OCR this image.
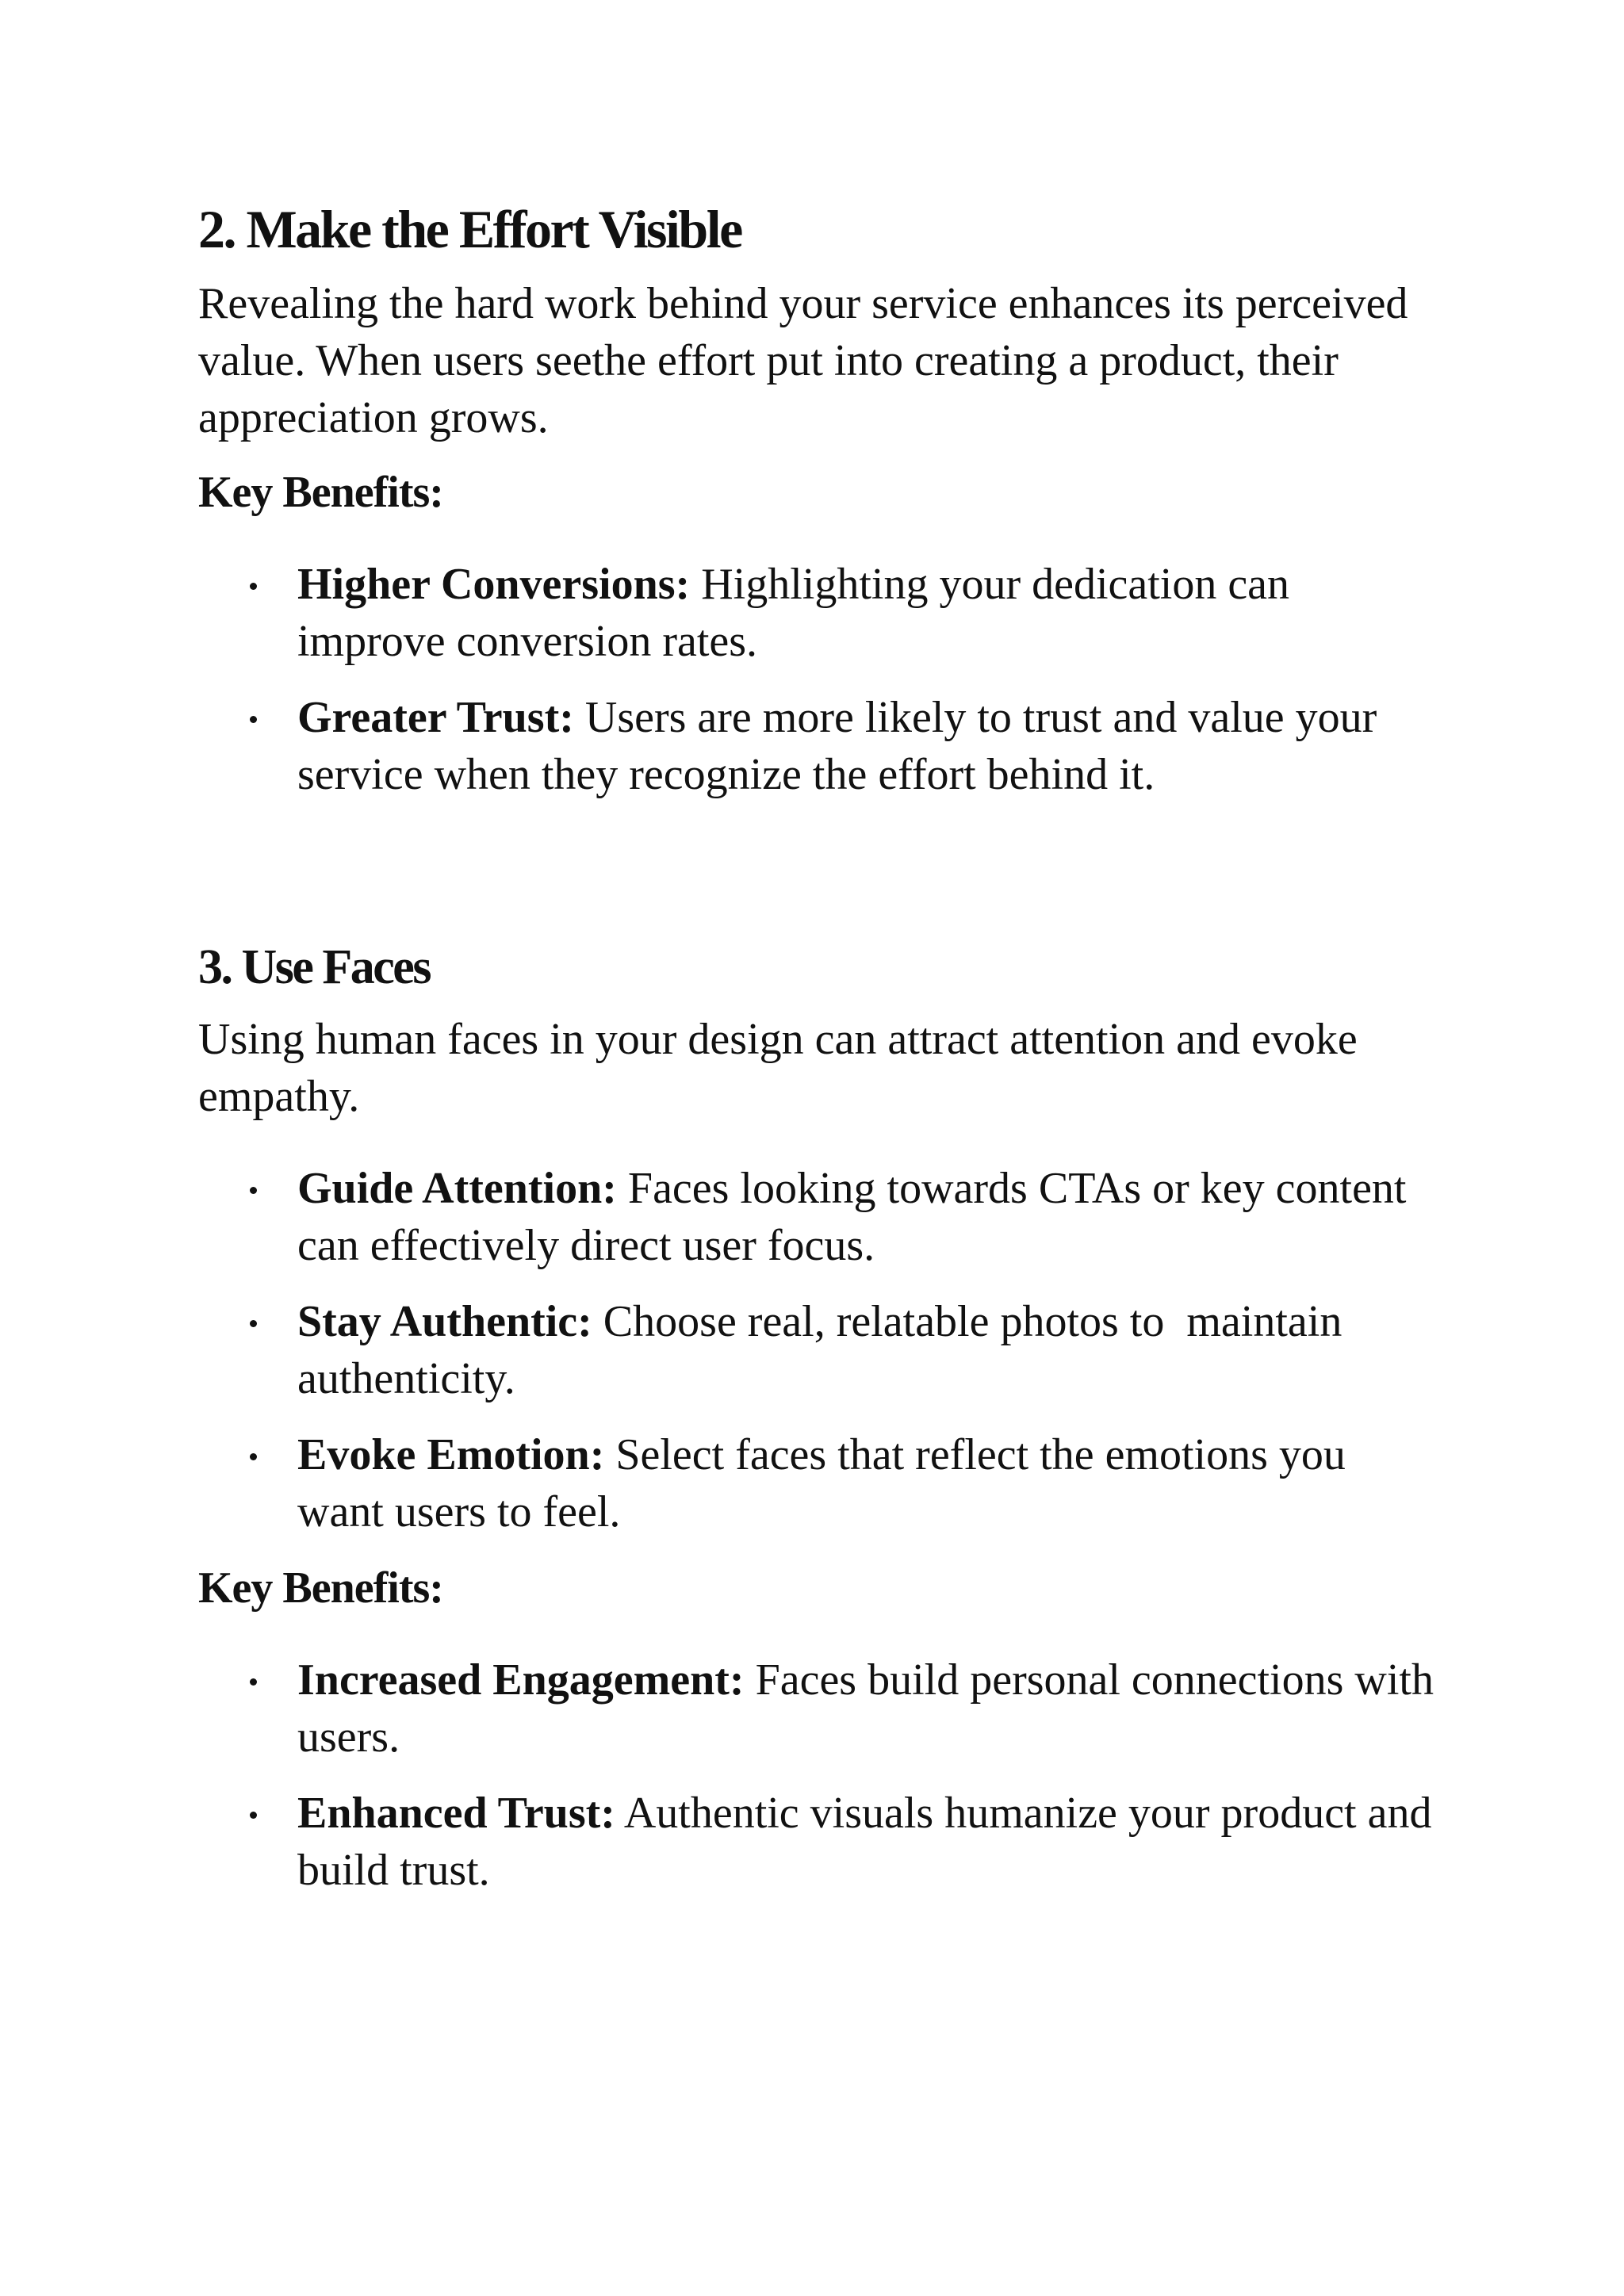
2. Make the Effort Visible

Revealing the hard work behind your service enhances its perceived value. When users seethe effort put into creating a product, their appreciation grows.

Key Benefits:
Higher Conversions: Highlighting your dedication can improve conversion rates.
Greater Trust: Users are more likely to trust and value your service when they recognize the effort behind it.
3. Use Faces

Using human faces in your design can attract attention and evoke empathy.

Guide Attention: Faces looking towards CTAs or key content can effectively direct user focus.
Stay Authentic: Choose real, relatable photos to  maintain authenticity.
Evoke Emotion: Select faces that reflect the emotions you want users to feel.
Key Benefits:
Increased Engagement: Faces build personal connections with users.
Enhanced Trust: Authentic visuals humanize your product and build trust.
